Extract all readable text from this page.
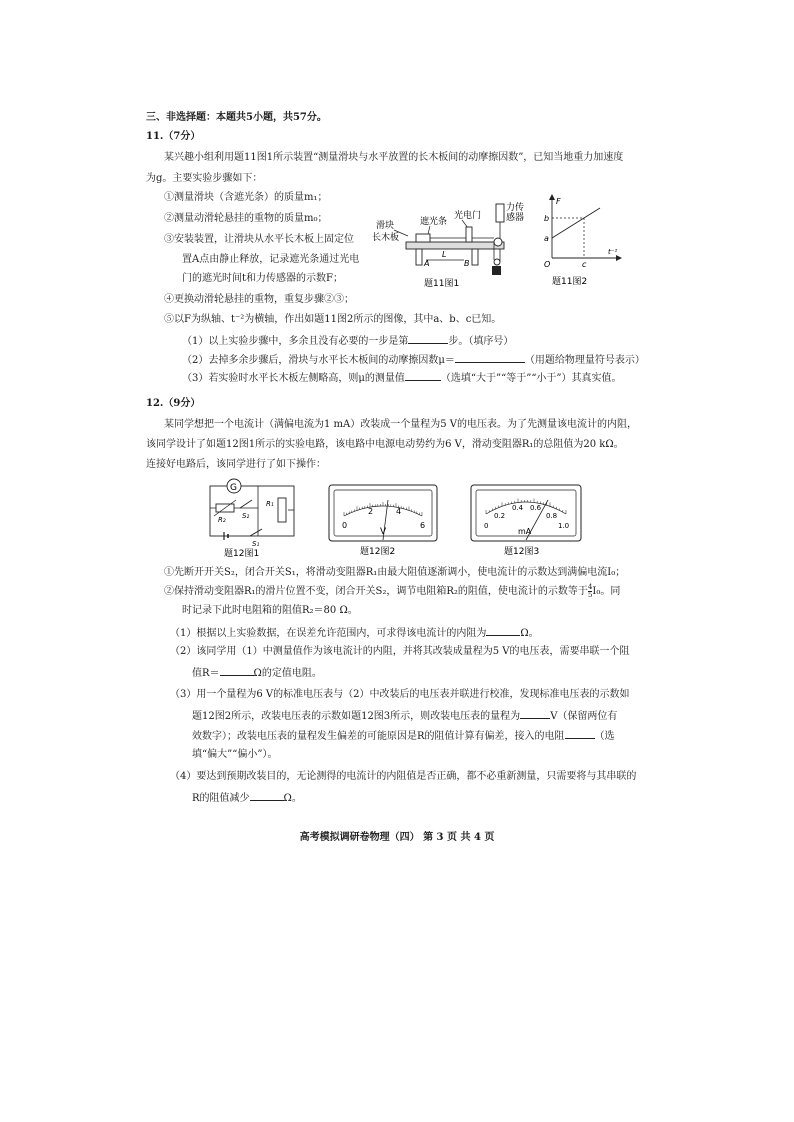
三、非选择题：本题共5小题，共57分。
11.（7分）
某兴趣小组利用题11图1所示装置“测量滑块与水平放置的长木板间的动摩擦因数”，已知当地重力加速度
为g。主要实验步骤如下：
①测量滑块（含遮光条）的质量m₁；
②测量动滑轮悬挂的重物的质量m₀；
③安装装置，让滑块从水平长木板上固定位
置A点由静止释放，记录遮光条通过光电
门的遮光时间t和力传感器的示数F；
④更换动滑轮悬挂的重物，重复步骤②③；
⑤以F为纵轴、t⁻²为横轴，作出如题11图2所示的图像，其中a、b、c已知。
滑块
长木板
遮光条
光电门
力传
感器
A
L
B
题11图1
F
t⁻²
b
a
c
O
题11图2
（1）以上实验步骤中，多余且没有必要的一步是第	步。（填序号）
（2）去掉多余步骤后，滑块与水平长木板间的动摩擦因数μ＝	（用题给物理量符号表示）
（3）若实验时水平长木板左侧略高，则μ的测量值	（选填“大于”“等于”“小于”）其真实值。
12.（9分）
某同学想把一个电流计（满偏电流为1 mA）改装成一个量程为5 V的电压表。为了先测量该电流计的内阻，
该同学设计了如题12图1所示的实验电路，该电路中电源电动势约为6 V，滑动变阻器R₁的总阻值为20 kΩ。
连接好电路后，该同学进行了如下操作：
G
R₂ S₂
R₁
S₁
题12图1
0
2	4
6
V
题12图2
0
0.2
0.4 0.6
0.8
1.0
mA
题12图3
①先断开开关S₂，闭合开关S₁，将滑动变阻器R₁由最大阻值逐渐调小，使电流计的示数达到满偏电流I₀；
②保持滑动变阻器R₁的滑片位置不变，闭合开关S₂，调节电阻箱R₂的阻值，使电流计的示数等于 $\frac{4}{5} I_0$。同
时记录下此时电阻箱的阻值R₂＝80 Ω。
（1）根据以上实验数据，在误差允许范围内，可求得该电流计的内阻为	Ω。
（2）该同学用（1）中测量值作为该电流计的内阻，并将其改装成量程为5 V的电压表，需要串联一个阻
值R＝	Ω的定值电阻。
（3）用一个量程为6 V的标准电压表与（2）中改装后的电压表并联进行校准，发现标准电压表的示数如
题12图2所示，改装电压表的示数如题12图3所示，则改装电压表的量程为	V（保留两位有
效数字）；改装电压表的量程发生偏差的可能原因是R的阻值计算有偏差，接入的电阻	（选
填“偏大”“偏小”）。
（4）要达到预期改装目的，无论测得的电流计的内阻值是否正确，都不必重新测量，只需要将与其串联的
R的阻值减少	Ω。
高考模拟调研卷物理（四） 第 3 页 共 4 页
